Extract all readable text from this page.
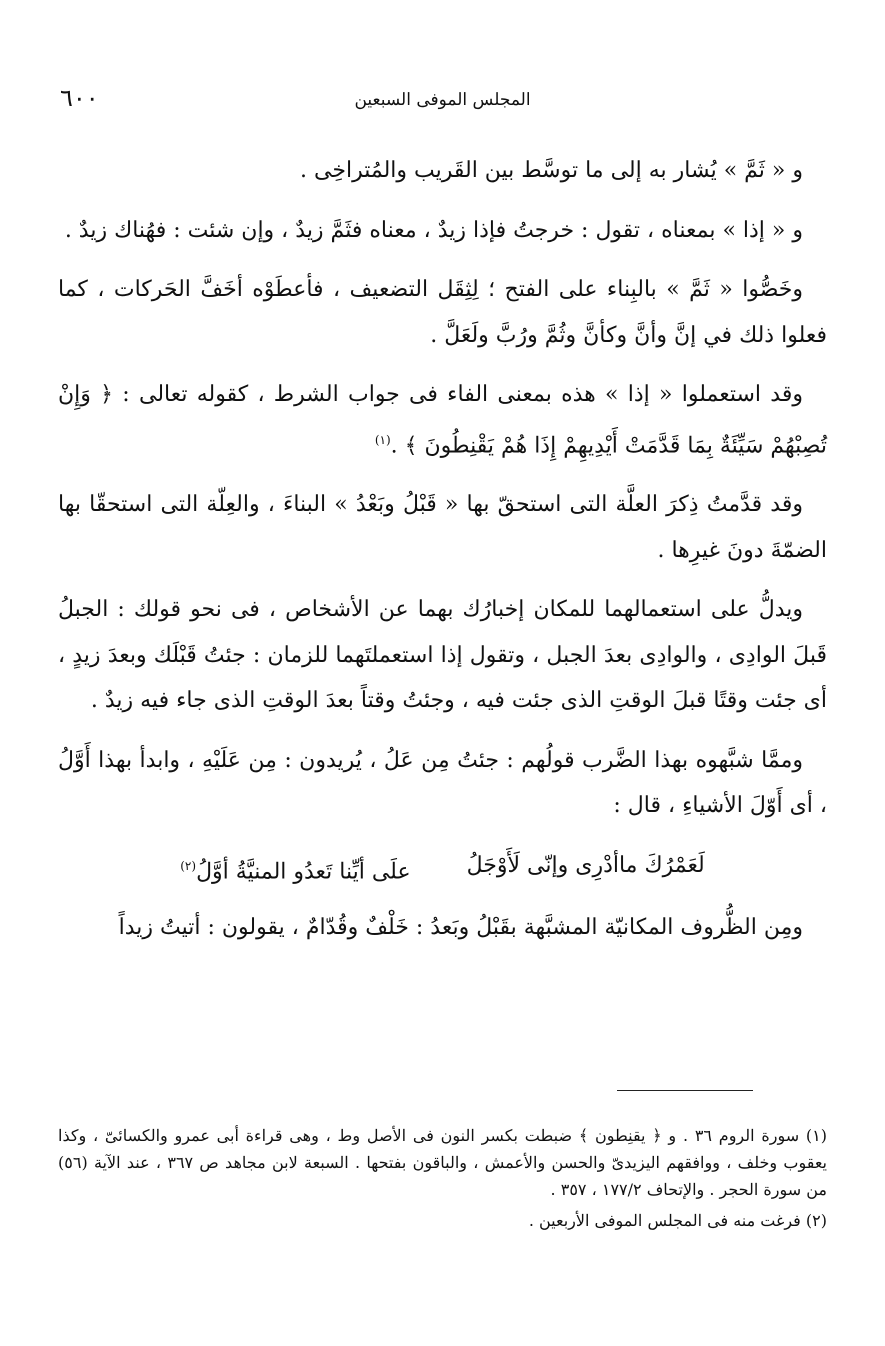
٦٠٠	المجلس الموفى السبعين

و « ثَمَّ » يُشار به إلى ما توسَّط بين القَريب والمُتراخِى .

و « إذا » بمعناه ، تقول : خرجتُ فإذا زيدٌ ، معناه فثَمَّ زيدٌ ، وإن شئت : فهُناك زيدٌ .

وخَصُّوا « ثَمَّ » بالبِناء على الفتح ؛ لِثِقَل التضعيف ، فأعطَوْه أخَفَّ الحَركات ، كما فعلوا ذلك في إنَّ وأنَّ وكأنَّ وثُمَّ ورُبَّ ولَعَلَّ .

وقد استعملوا « إذا » هذه بمعنى الفاء فى جواب الشرط ، كقوله تعالى : ﴿ وَإِنْ تُصِبْهُمْ سَيِّئَةٌ بِمَا قَدَّمَتْ أَيْدِيهِمْ إِذَا هُمْ يَقْنِطُونَ ﴾ .$^{(١)}$

وقد قدَّمتُ ذِكرَ العلَّة التى استحقّ بها « قَبْلُ وبَعْدُ » البناءَ ، والعِلّة التى استحقّا بها الضمّةَ دونَ غيرِها .

ويدلُّ على استعمالهما للمكان إخبارُك بهما عن الأشخاص ، فى نحو قولك : الجبلُ قَبلَ الوادِى ، والوادِى بعدَ الجبل ، وتقول إذا استعملتَهما للزمان : جئتُ قَبْلَك وبعدَ زيدٍ ، أى جئت وقتًا قبلَ الوقتِ الذى جئت فيه ، وجئتُ وقتاً بعدَ الوقتِ الذى جاء فيه زيدٌ .

وممَّا شبَّهوه بهذا الضَّرب قولُهم : جئتُ مِن عَلُ ، يُريدون : مِن عَلَيْهِ ، وابدأ بهذا أَوَّلُ ، أى أَوّلَ الأشياءِ ، قال :

لَعَمْرُكَ ماأدْرِى وإنّى لَأَوْجَلُ
علَى أيِّنا تَعدُو المنيَّةُ أوَّلُ$^{(٢)}$

ومِن الظُّروف المكانيّة المشبَّهة بقَبْلُ وبَعدُ : خَلْفٌ وقُدّامٌ ، يقولون : أتيتُ زيداً

(١) سورة الروم ٣٦ . و ﴿ يقنِطون ﴾ ضبطت بكسر النون فى الأصل وط ، وهى قراءة أبى عمرو والكسائىّ ، وكذا يعقوب وخلف ، ووافقهم اليزيدىّ والحسن والأعمش ، والباقون بفتحها . السبعة لابن مجاهد ص ٣٦٧ ، عند الآية (٥٦) من سورة الحجر . والإتحاف ١٧٧/٢ ، ٣٥٧ .

(٢) فرغت منه فى المجلس الموفى الأربعين .
